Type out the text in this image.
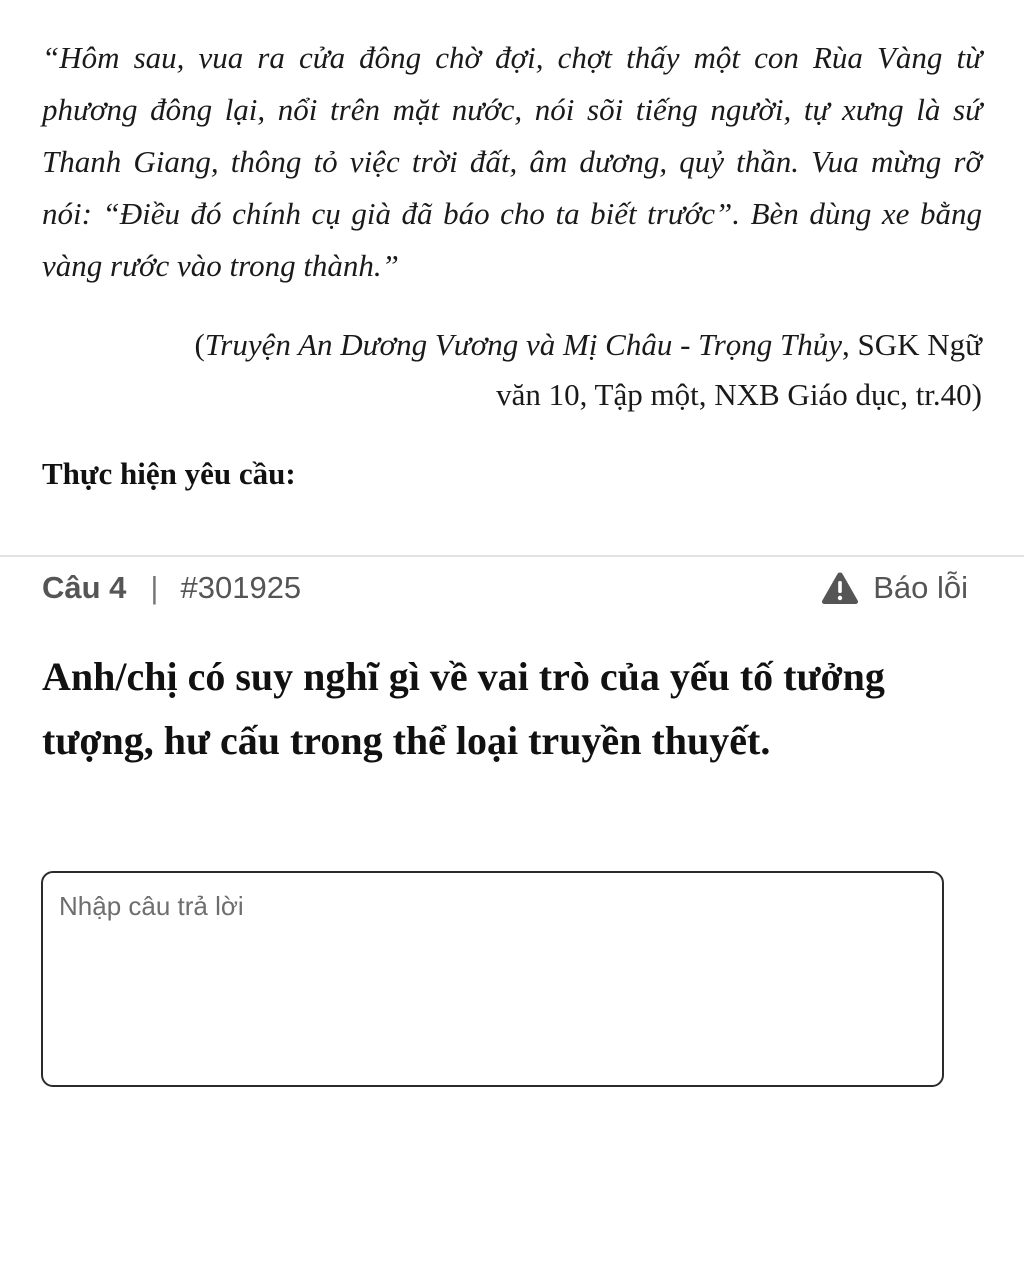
“Hôm sau, vua ra cửa đông chờ đợi, chợt thấy một con Rùa Vàng từ phương đông lại, nổi trên mặt nước, nói sõi tiếng người, tự xưng là sứ Thanh Giang, thông tỏ việc trời đất, âm dương, quỷ thần. Vua mừng rỡ nói: “Điều đó chính cụ già đã báo cho ta biết trước”. Bèn dùng xe bằng vàng rước vào trong thành.”
(Truyện An Dương Vương và Mị Châu - Trọng Thủy, SGK Ngữ
văn 10, Tập một, NXB Giáo dục, tr.40)
Thực hiện yêu cầu:
Câu 4 | #301925	Báo lỗi
Anh/chị có suy nghĩ gì về vai trò của yếu tố tưởng tượng, hư cấu trong thể loại truyền thuyết.
Nhập câu trả lời
